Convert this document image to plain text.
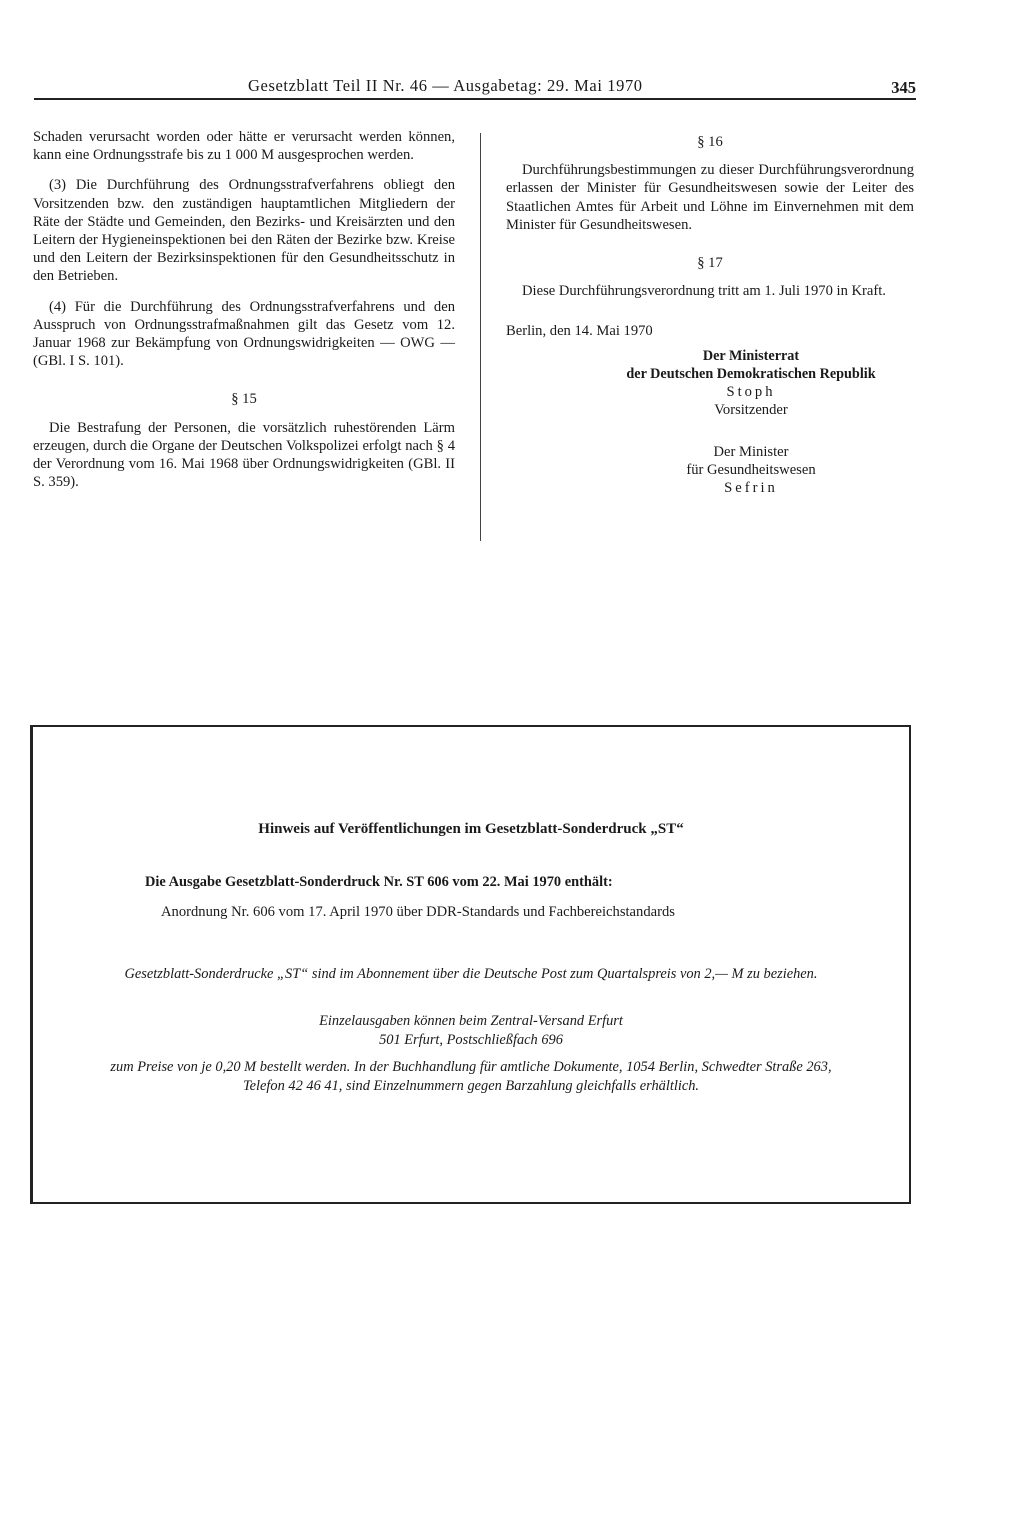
Gesetzblatt Teil II Nr. 46 — Ausgabetag: 29. Mai 1970	345

Schaden verursacht worden oder hätte er verursacht werden können, kann eine Ordnungsstrafe bis zu 1 000 M ausgesprochen werden.

(3) Die Durchführung des Ordnungsstrafverfahrens obliegt den Vorsitzenden bzw. den zuständigen hauptamtlichen Mitgliedern der Räte der Städte und Gemeinden, den Bezirks- und Kreisärzten und den Leitern der Hygieneinspektionen bei den Räten der Bezirke bzw. Kreise und den Leitern der Bezirksinspektionen für den Gesundheitsschutz in den Betrieben.

(4) Für die Durchführung des Ordnungsstrafverfahrens und den Ausspruch von Ordnungsstrafmaßnahmen gilt das Gesetz vom 12. Januar 1968 zur Bekämpfung von Ordnungswidrigkeiten — OWG — (GBl. I S. 101).

§ 15

Die Bestrafung der Personen, die vorsätzlich ruhestörenden Lärm erzeugen, durch die Organe der Deutschen Volkspolizei erfolgt nach § 4 der Verordnung vom 16. Mai 1968 über Ordnungswidrigkeiten (GBl. II S. 359).

§ 16

Durchführungsbestimmungen zu dieser Durchführungsverordnung erlassen der Minister für Gesundheitswesen sowie der Leiter des Staatlichen Amtes für Arbeit und Löhne im Einvernehmen mit dem Minister für Gesundheitswesen.

§ 17

Diese Durchführungsverordnung tritt am 1. Juli 1970 in Kraft.

Berlin, den 14. Mai 1970
Der Ministerrat
der Deutschen Demokratischen Republik
Stoph
Vorsitzender
Der Minister
für Gesundheitswesen
Sefrin
Hinweis auf Veröffentlichungen im Gesetzblatt-Sonderdruck „ST“
Die Ausgabe Gesetzblatt-Sonderdruck Nr. ST 606 vom 22. Mai 1970 enthält:
Anordnung Nr. 606 vom 17. April 1970 über DDR-Standards und Fachbereichstandards
Gesetzblatt-Sonderdrucke „ST“ sind im Abonnement über die Deutsche Post zum Quartalspreis von 2,— M zu beziehen.
Einzelausgaben können beim Zentral-Versand Erfurt
501 Erfurt, Postschließfach 696
zum Preise von je 0,20 M bestellt werden. In der Buchhandlung für amtliche Dokumente, 1054 Berlin, Schwedter Straße 263, Telefon 42 46 41, sind Einzelnummern gegen Barzahlung gleichfalls erhältlich.
